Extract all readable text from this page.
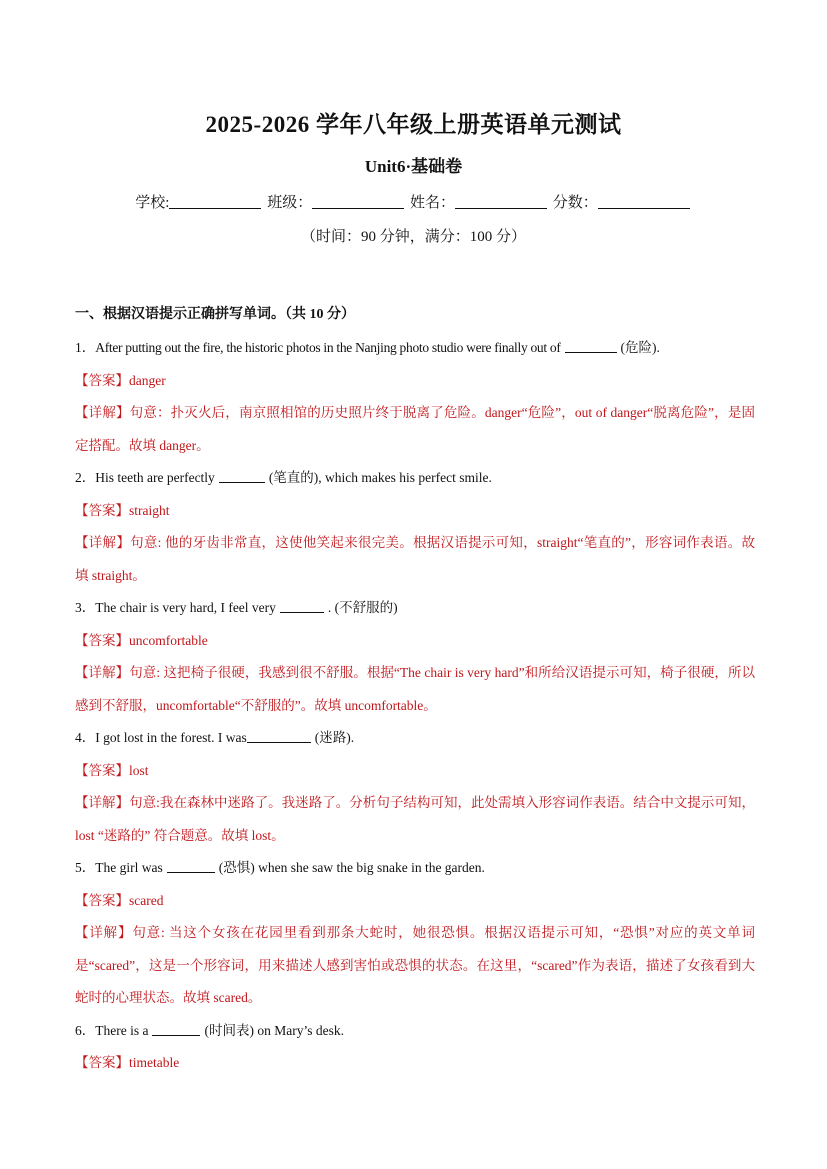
2025-2026 学年八年级上册英语单元测试
Unit6·基础卷
学校:	班级：	姓名：	分数：
（时间：90 分钟，满分：100 分）
一、根据汉语提示正确拼写单词。（共 10 分）
1．After putting out the fire, the historic photos in the Nanjing photo studio were finally out of	(危险).
【答案】danger
【详解】句意：扑灭火后，南京照相馆的历史照片终于脱离了危险。danger“危险”，out of danger“脱离危险”，是固定搭配。故填 danger。
2．His teeth are perfectly	(笔直的), which makes his perfect smile.
【答案】straight
【详解】句意: 他的牙齿非常直，这使他笑起来很完美。根据汉语提示可知，straight“笔直的”，形容词作表语。故填 straight。
3．The chair is very hard, I feel very	. (不舒服的)
【答案】uncomfortable
【详解】句意: 这把椅子很硬，我感到很不舒服。根据“The chair is very hard”和所给汉语提示可知，椅子很硬，所以感到不舒服，uncomfortable“不舒服的”。故填 uncomfortable。
4．I got lost in the forest. I was	(迷路).
【答案】lost
【详解】句意:我在森林中迷路了。我迷路了。分析句子结构可知，此处需填入形容词作表语。结合中文提示可知，lost “迷路的” 符合题意。故填 lost。
5．The girl was	(恐惧) when she saw the big snake in the garden.
【答案】scared
【详解】句意: 当这个女孩在花园里看到那条大蛇时，她很恐惧。根据汉语提示可知，“恐惧”对应的英文单词是“scared”，这是一个形容词，用来描述人感到害怕或恐惧的状态。在这里，“scared”作为表语，描述了女孩看到大蛇时的心理状态。故填 scared。
6．There is a	(时间表) on Mary’s desk.
【答案】timetable
